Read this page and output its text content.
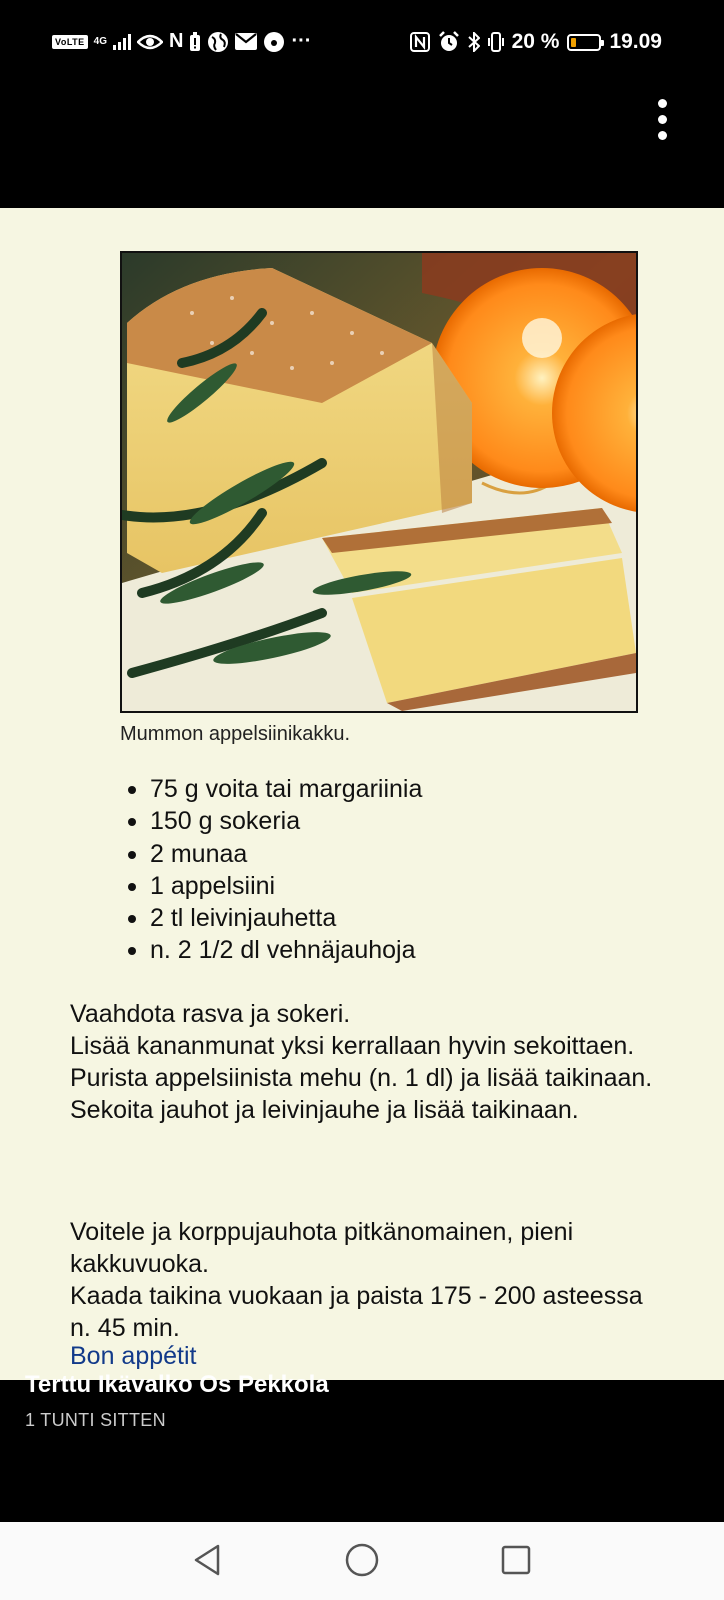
VoLTE 4G	N	···	20 % 19.09
Mummon appelsiinikakku.
75 g voita tai margariinia
150 g sokeria
2 munaa
1 appelsiini
2 tl leivinjauhetta
n. 2 1/2 dl vehnäjauhoja

Vaahdota rasva ja sokeri.

Lisää kananmunat yksi kerrallaan hyvin sekoittaen.

Purista appelsiinista mehu (n. 1 dl) ja lisää taikinaan.

Sekoita jauhot ja leivinjauhe ja lisää taikinaan.

Voitele ja korppujauhota pitkänomainen, pieni kakkuvuoka.

Kaada taikina vuokaan ja paista 175 - 200 asteessa n. 45 min.

Bon appétit
Terttu Ikävalko Os Pekkola
1 TUNTI SITTEN
